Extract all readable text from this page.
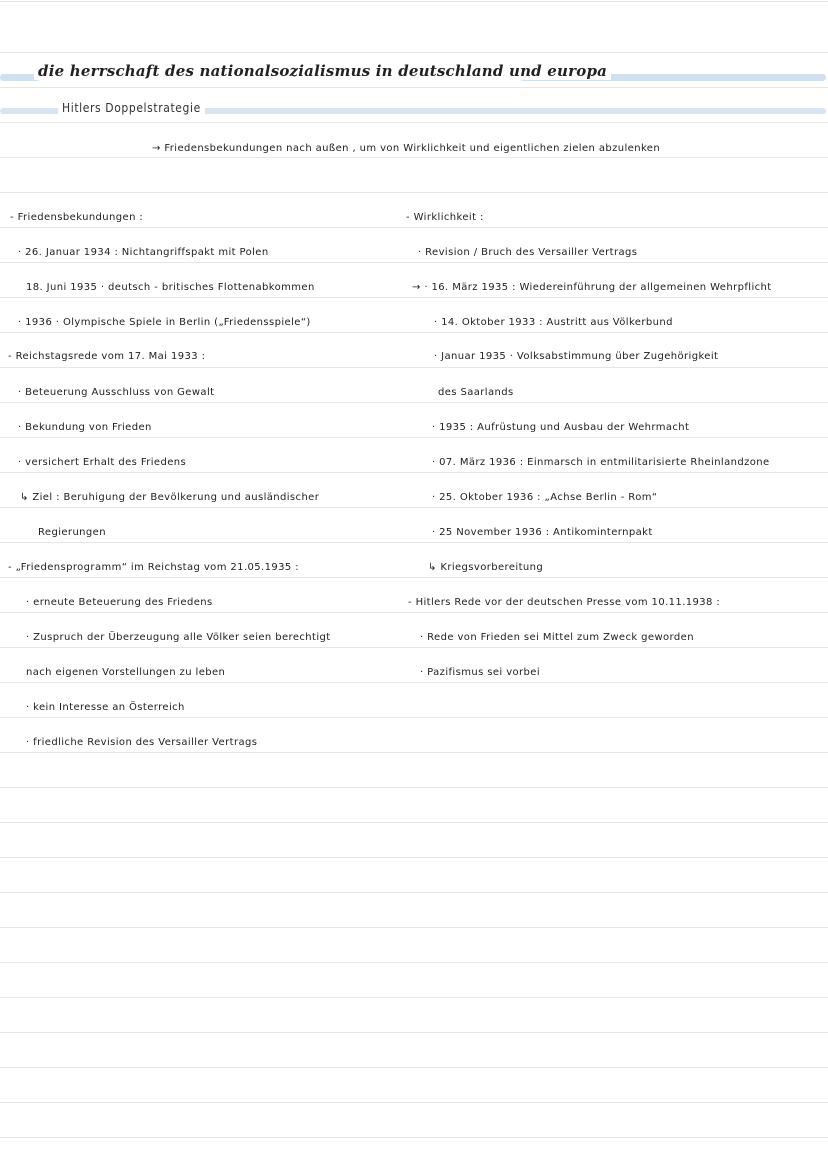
die herrschaft des nationalsozialismus in deutschland und europa
Hitlers Doppelstrategie
→ Friedensbekundungen nach außen , um von Wirklichkeit und eigentlichen zielen abzulenken
- Friedensbekundungen :
· 26. Januar 1934 : Nichtangriffspakt mit Polen
18. Juni 1935 · deutsch - britisches Flottenabkommen
· 1936 · Olympische Spiele in Berlin („Friedensspiele“)
- Reichstagsrede vom 17. Mai 1933 :
· Beteuerung Ausschluss von Gewalt
· Bekundung von Frieden
· versichert Erhalt des Friedens
↳ Ziel : Beruhigung der Bevölkerung und ausländischer
Regierungen
- „Friedensprogramm“ im Reichstag vom 21.05.1935 :
· erneute Beteuerung des Friedens
· Zuspruch der Überzeugung alle Völker seien berechtigt
nach eigenen Vorstellungen zu leben
· kein Interesse an Österreich
· friedliche Revision des Versailler Vertrags
- Wirklichkeit :
· Revision / Bruch des Versailler Vertrags
→ · 16. März 1935 : Wiedereinführung der allgemeinen Wehrpflicht
· 14. Oktober 1933 : Austritt aus Völkerbund
· Januar 1935 · Volksabstimmung über Zugehörigkeit
des Saarlands
· 1935 : Aufrüstung und Ausbau der Wehrmacht
· 07. März 1936 : Einmarsch in entmilitarisierte Rheinlandzone
· 25. Oktober 1936 : „Achse Berlin - Rom“
· 25 November 1936 : Antikominternpakt
↳ Kriegsvorbereitung
- Hitlers Rede vor der deutschen Presse vom 10.11.1938 :
· Rede von Frieden sei Mittel zum Zweck geworden
· Pazifismus sei vorbei
